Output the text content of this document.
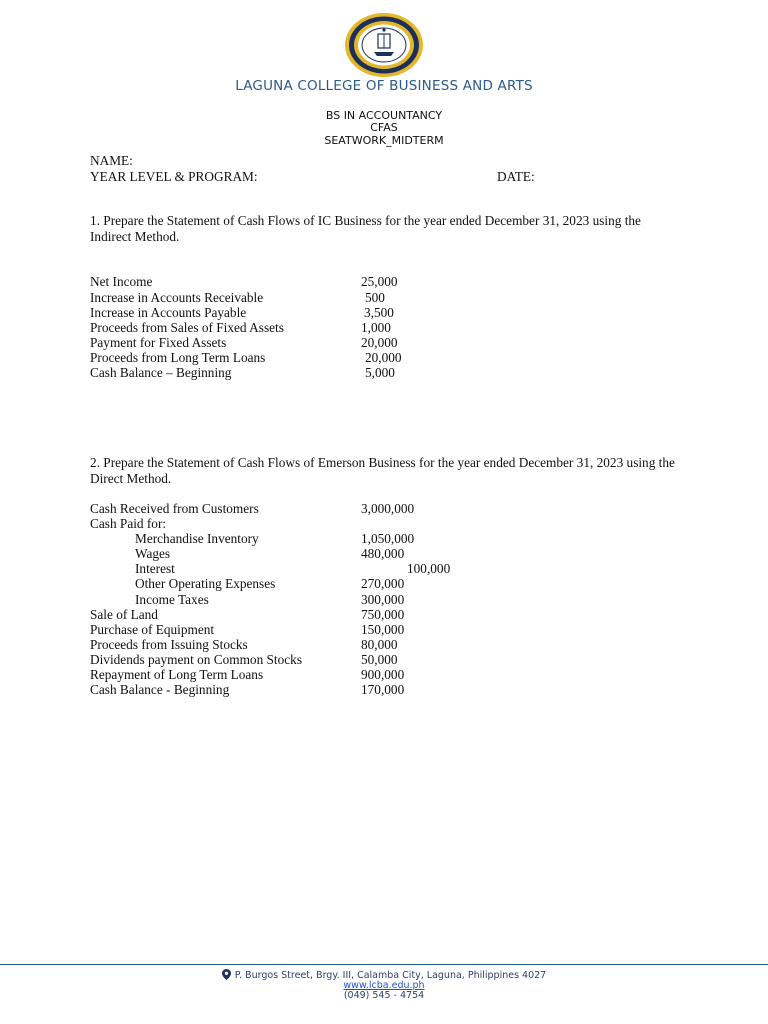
LAGUNA COLLEGE OF BUSINESS AND ARTS
BS IN ACCOUNTANCY
CFAS
SEATWORK_MIDTERM
NAME:
YEAR LEVEL & PROGRAM:	DATE:
1. Prepare the Statement of Cash Flows of IC Business for the year ended December 31, 2023 using the Indirect Method.
Net Income	25,000
Increase in Accounts Receivable	500
Increase in Accounts Payable	3,500
Proceeds from Sales of Fixed Assets	1,000
Payment for Fixed Assets	20,000
Proceeds from Long Term Loans	20,000
Cash Balance – Beginning	5,000
2. Prepare the Statement of Cash Flows of Emerson Business for the year ended December 31, 2023 using the Direct Method.
Cash Received from Customers	3,000,000
Cash Paid for:
Merchandise Inventory	1,050,000
Wages	480,000
Interest	100,000
Other Operating Expenses	270,000
Income Taxes	300,000
Sale of Land	750,000
Purchase of Equipment	150,000
Proceeds from Issuing Stocks	80,000
Dividends payment on Common Stocks	50,000
Repayment of Long Term Loans	900,000
Cash Balance - Beginning	170,000
P. Burgos Street, Brgy. III, Calamba City, Laguna, Philippines 4027
www.lcba.edu.ph
(049) 545 - 4754
